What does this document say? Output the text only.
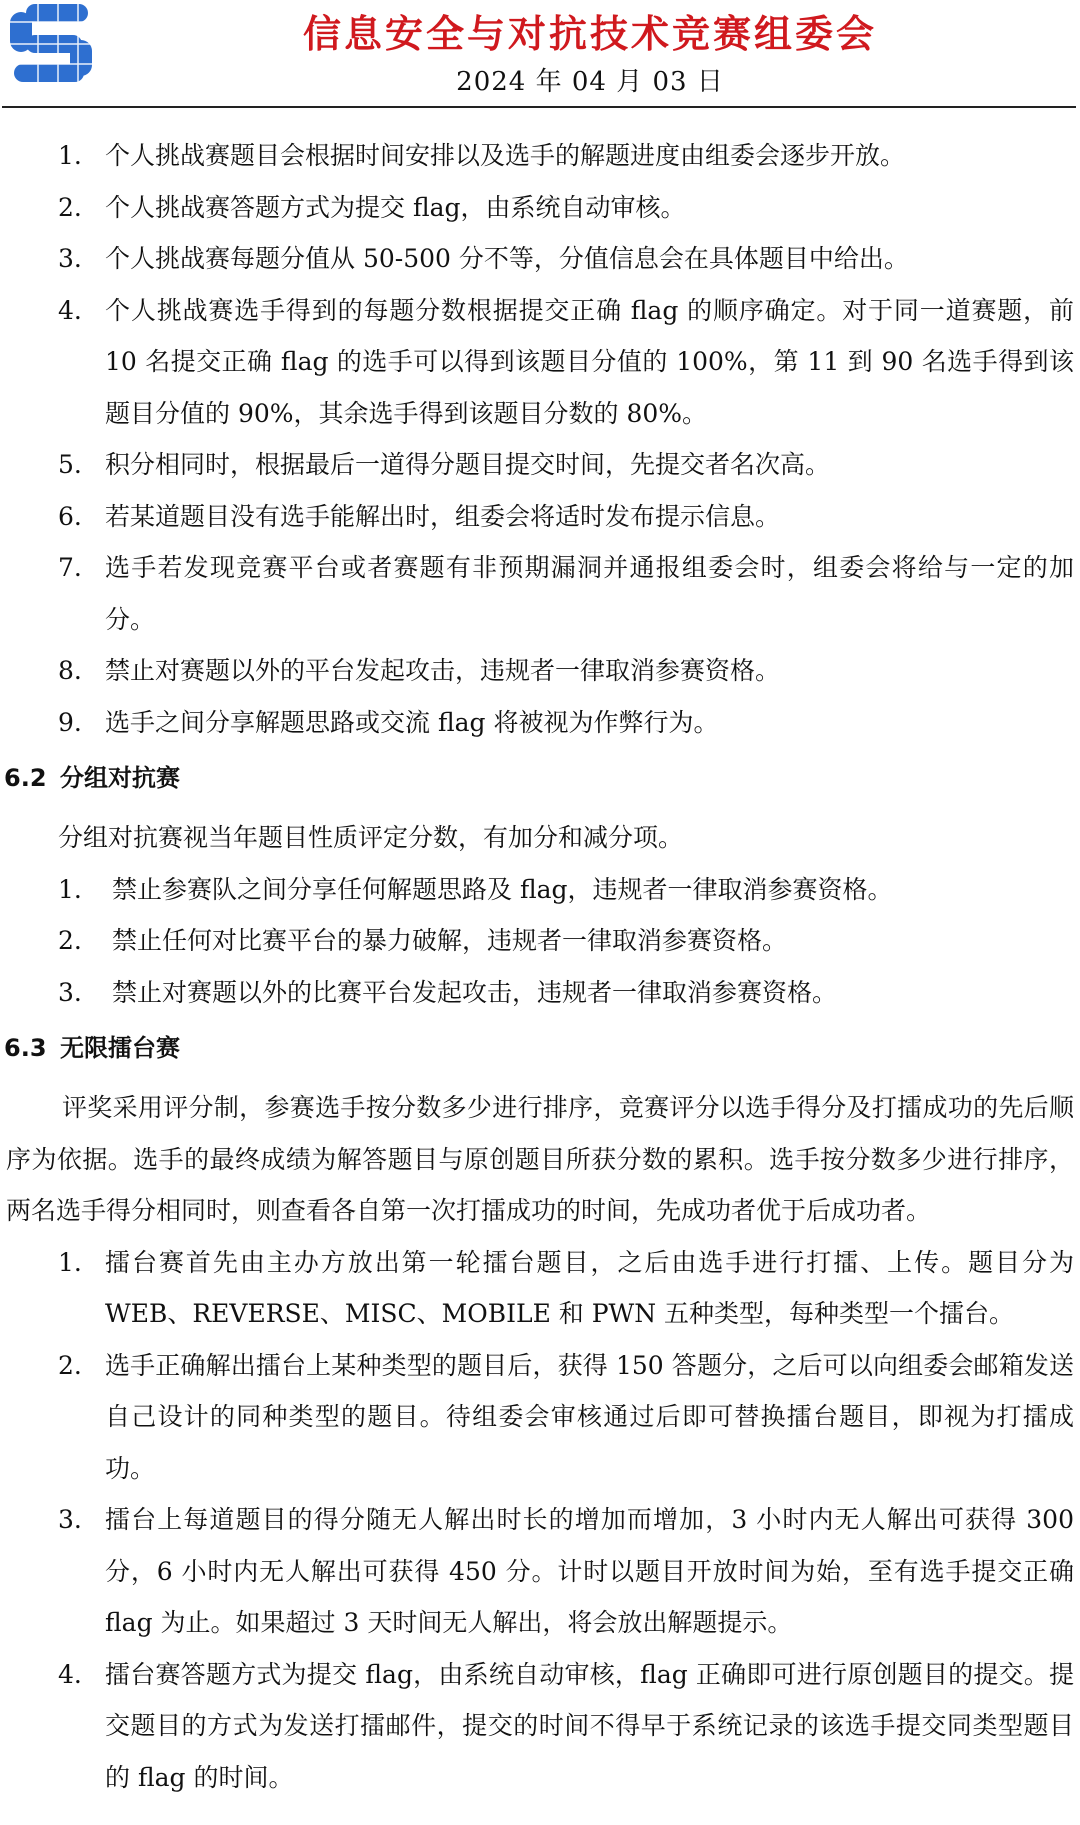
信息安全与对抗技术竞赛组委会
2024 年 04 月 03 日
1. 个人挑战赛题目会根据时间安排以及选手的解题进度由组委会逐步开放。
2. 个人挑战赛答题方式为提交 flag，由系统自动审核。
3. 个人挑战赛每题分值从 50-500 分不等，分值信息会在具体题目中给出。
4. 个人挑战赛选手得到的每题分数根据提交正确 flag 的顺序确定。对于同一道赛题，前 10 名提交正确 flag 的选手可以得到该题目分值的 100%，第 11 到 90 名选手得到该题目分值的 90%，其余选手得到该题目分数的 80%。
5. 积分相同时，根据最后一道得分题目提交时间，先提交者名次高。
6. 若某道题目没有选手能解出时，组委会将适时发布提示信息。
7. 选手若发现竞赛平台或者赛题有非预期漏洞并通报组委会时，组委会将给与一定的加分。
8. 禁止对赛题以外的平台发起攻击，违规者一律取消参赛资格。
9. 选手之间分享解题思路或交流 flag 将被视为作弊行为。
6.2 分组对抗赛
分组对抗赛视当年题目性质评定分数，有加分和减分项。
1.	禁止参赛队之间分享任何解题思路及 flag，违规者一律取消参赛资格。
2.	禁止任何对比赛平台的暴力破解，违规者一律取消参赛资格。
3.	禁止对赛题以外的比赛平台发起攻击，违规者一律取消参赛资格。
6.3 无限擂台赛
评奖采用评分制，参赛选手按分数多少进行排序，竞赛评分以选手得分及打擂成功的先后顺序为依据。选手的最终成绩为解答题目与原创题目所获分数的累积。选手按分数多少进行排序，两名选手得分相同时，则查看各自第一次打擂成功的时间，先成功者优于后成功者。
1. 擂台赛首先由主办方放出第一轮擂台题目，之后由选手进行打擂、上传。题目分为 WEB、REVERSE、MISC、MOBILE 和 PWN 五种类型，每种类型一个擂台。
2. 选手正确解出擂台上某种类型的题目后，获得 150 答题分，之后可以向组委会邮箱发送自己设计的同种类型的题目。待组委会审核通过后即可替换擂台题目，即视为打擂成功。
3. 擂台上每道题目的得分随无人解出时长的增加而增加，3 小时内无人解出可获得 300 分，6 小时内无人解出可获得 450 分。计时以题目开放时间为始，至有选手提交正确 flag 为止。如果超过 3 天时间无人解出，将会放出解题提示。
4. 擂台赛答题方式为提交 flag，由系统自动审核，flag 正确即可进行原创题目的提交。提交题目的方式为发送打擂邮件，提交的时间不得早于系统记录的该选手提交同类型题目的 flag 的时间。
